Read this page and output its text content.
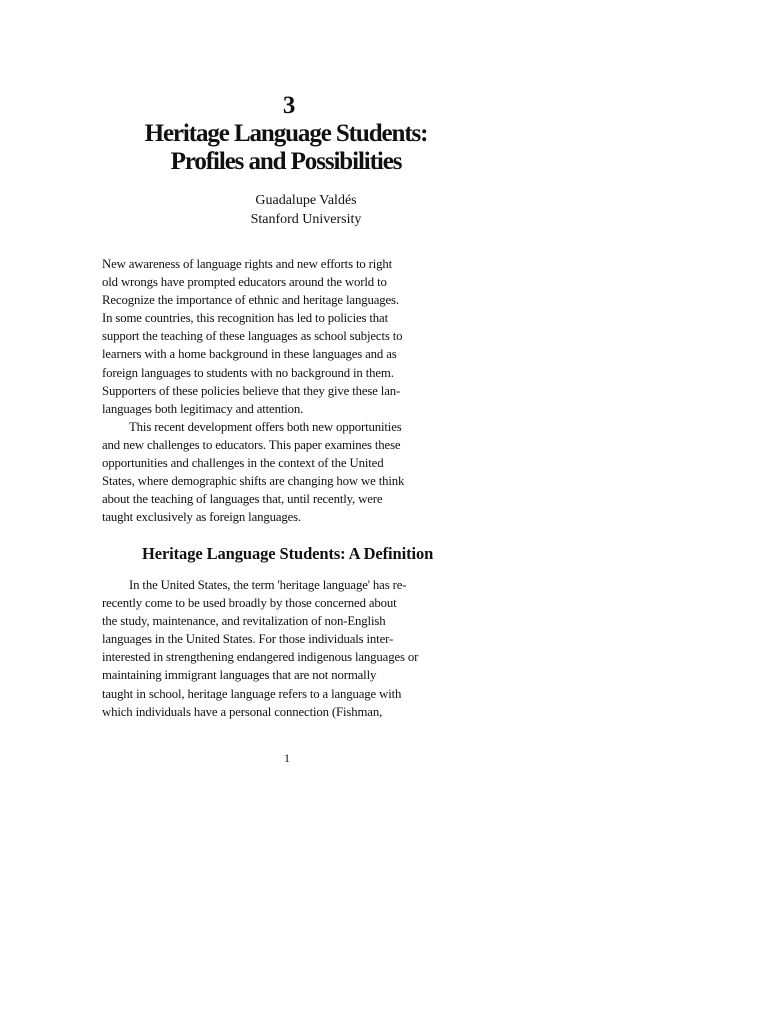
3
Heritage Language Students:
Profiles and Possibilities
Guadalupe Valdés
Stanford University
New awareness of language rights and new efforts to right
old wrongs have prompted educators around the world to
Recognize the importance of ethnic and heritage languages.
In some countries, this recognition has led to policies that
support the teaching of these languages as school subjects to
learners with a home background in these languages and as
foreign languages to students with no background in them.
Supporters of these policies believe that they give these lan-
languages both legitimacy and attention.
This recent development offers both new opportunities
and new challenges to educators. This paper examines these
opportunities and challenges in the context of the United
States, where demographic shifts are changing how we think
about the teaching of languages that, until recently, were
taught exclusively as foreign languages.
Heritage Language Students: A Definition
In the United States, the term 'heritage language' has re-
recently come to be used broadly by those concerned about
the study, maintenance, and revitalization of non-English
languages in the United States. For those individuals inter-
interested in strengthening endangered indigenous languages or
maintaining immigrant languages that are not normally
taught in school, heritage language refers to a language with
which individuals have a personal connection (Fishman,
1
